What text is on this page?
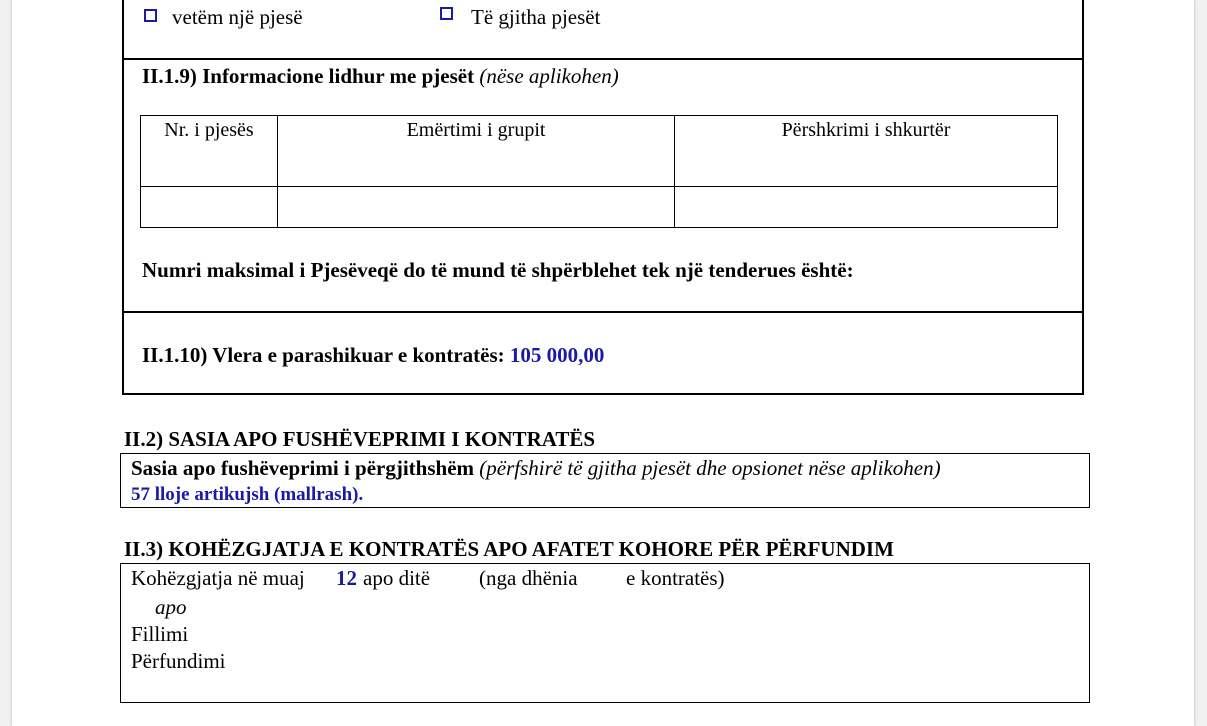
vetëm një pjesë	Të gjitha pjesët
II.1.9) Informacione lidhur me pjesët (nëse aplikohen)
Nr. i pjesës	Emërtimi i grupit	Përshkrimi i shkurtër

Numri maksimal i Pjesëveqë do të mund të shpërblehet tek një tenderues është:
II.1.10) Vlera e parashikuar e kontratës: 105 000,00
II.2) SASIA APO FUSHËVEPRIMI I KONTRATËS
Sasia apo fushëveprimi i përgjithshëm (përfshirë të gjitha pjesët dhe opsionet nëse aplikohen)
57 lloje artikujsh (mallrash).
II.3) KOHËZGJATJA E KONTRATËS APO AFATET KOHORE PËR PËRFUNDIM
Kohëzgjatja në muaj 12 apo ditë (nga dhënia e kontratës)
apo
Fillimi
Përfundimi
